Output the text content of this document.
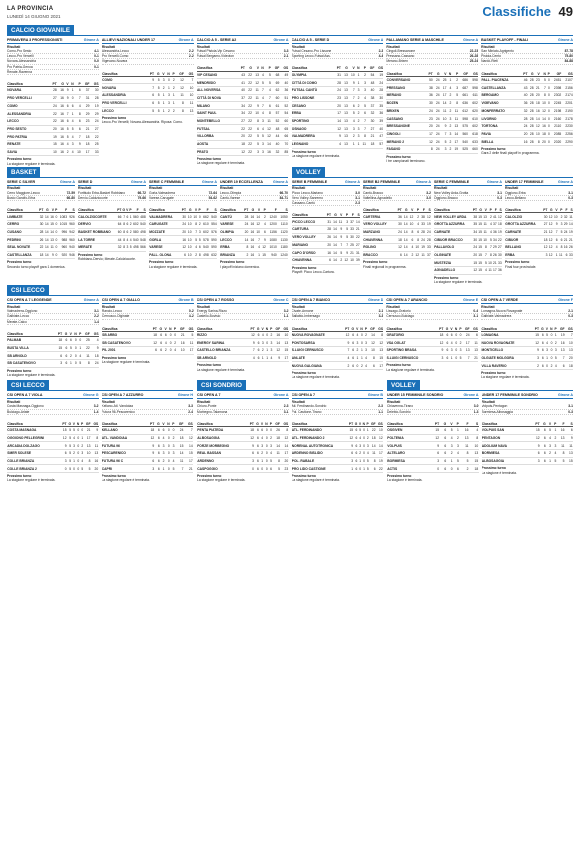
LA PROVINCIA
LUNEDÌ 14 GIUGNO 2021	Classifiche 49
CALCIO GIOVANILE
PRIMAVERA 3 PROFESSIONISTI	Girone A
Risultati
Como-Pro Sesto	4-1
Lecco-Pro Vercelli	0-1
Novara-Alessandria	0-0
Pro Patria-Genoa	0-1
Renate-Ravenna
Classifica	PT	G	V	N	P	GF	GS
NOVARA	28	16	9	1	6	37	30
PRO VERCELLI	27	16	9	0	7	31	28
COMO	24	16	6	6	4	29	19
ALESSANDRIA	22	16	7	1	8	29	29
LECCO	22	16	6	4	6	23	24
PRO SESTO	20	16	5	5	6	21	27
PRO PATRIA	19	16	5	4	7	18	22
RENATE	15	16	4	3	9	18	25
SAVIA	10	16	2	4	10	17	33
Prossimo turno
La stagione regolare è terminata.
ALLIEVI NAZIONALI UNDER 17	Girone A
Risultati
Alessandria-Lecco	2-2
Pro Vercelli-Como	2-2
Vigevano-Novara
Classifica	PT	G	V	N	P	GF	GS
COMO	9	5	3	0	2	12	7
NOVARA	7	5	2	1	2	12	10
ALESSANDRIA	6	5	1	3	1	11	10
PRO VERCELLI	6	5	1	3	1	8	11
LECCO	5	5	1	2	2	8	13
Prossimo turno
Lecco-Pro Vercelli; Novara-Alessandria. Riposa: Como.
CALCIO A 5 - SERIE A2	Girone A
Risultati
Futsal Pistoia-Vip Cesano	3-3
Futsal Bergamo-Videoton	2-1
Classifica	PT	G	V	N	P	GF	GS
VIP CESANO	43	22	13	4	5	68	49
MENDRISIO	41	22	12	5	5	69	40
ALL NOVERSA	40	22	11	7	4	62	36
CITTÀ DI NOVA	37	22	11	4	7	60	51
MILANO	34	22	9	7	6	61	52
SAINT PAUL	34	22	10	4	8	57	54
MONTEBELLO	27	22	8	3	11	52	60
FUTSAL	22	22	6	4	12	48	65
VILLORBA	20	22	5	5	12	44	66
AOSTA	18	22	5	3	14	40	70
PRATO	12	22	3	3	16	32	85
Prossimo turno
La stagione regolare è terminata.
CALCIO A 5 - SERIE D	Girone A
Risultati
Futsal Cesano-Pro Lissone	2-3
Sporting Lecco-Futsal Ass.	4-4
Classifica	PT	G	V	N	P	GF	GS
OLYMPIA	31	13	10	1	2	54	19
CITTÀ DI COMO	28	13	9	1	3	48	24
FUTSAL CANTÙ	24	13	7	3	3	40	28
PRO LISSONE	23	13	7	2	4	38	30
CESANO	20	13	6	2	5	37	35
ERBA	17	13	5	2	6	32	36
SPORTING	14	13	4	2	7	30	39
OSNAGO	12	13	3	3	7	27	40
VALMADRERA	9	13	2	3	8	21	47
LEGNANO	4	13	1	1	11	18	57
Prossimo turno
La stagione regolare è terminata.
PALLAMANO SERIE A MASCHILE	Girone A
Risultati
Cingoli-Bressanone	22-23
Pressano-Cassano	26-28
Merano-Brixen	25-24
Classifica	PT	G	V	N	P	GF	GS
CONVERSANO	50	24	25	1	2	686	598
PRESSANO	38	24	17	4	3	687	598
MERANO	36	24	17	2	5	661	611
BOZEN	30	24	14	2	8	636	602
BRIXEN	24	24	11	2	11	612	620
CASSANO	23	24	10	3	11	598	610
BRESSANONE	20	24	9	2	13	575	602
CINGOLI	17	24	7	3	14	560	618
MERANO 2	12	24	5	2	17	540	633
FASANO	8	24	3	2	19	525	660
Prossimo turno
I tre campionati terminano.
BASKET PLAYOFF - FINALI	Girone A
Risultati
San Miniato-Agrigento	87-78
Pistoia-Cento	75-80
Nardò-Rieti	84-88
Classifica	PT	G	V	N	P	GF	GS
PALL. PIACENZA	46	28	23	5	0	2451	2107
CASTELLANZA	43	28	21	7	0	2398	2156
BERGAMO	40	28	20	8	0	2302	2174
VIGEVANO	36	28	18	10	0	2245	2201
MONFERRATO	32	28	16	12	0	2198	2190
LIVORNO	28	28	14	14	0	2160	2178
TORTONA	24	28	12	16	0	2110	2230
PAVIA	20	28	10	18	0	2085	2256
BIELLA	16	28	8	20	0	2020	2290
Prossimo turno
Gara 2 delle finali playoff in programma.
BASKET
SERIE C SILVER	Girone A
Risultati
Cerro Maggiore-Lecco	72-59
Busto Garolfo-Erba	66-80
Classifica	PT	G	V	P	F	S
LIMBIATE	32	14	16	0	1083	926
CERRO	30	14	15	0	1015	960
CUSANO	28	14	14	0	996	942
PEDRINI	26	14	13	0	988	960
SEAL NOVATE	22	14	11	0	960	940
CASTELLANZA	18	14	9	0	920	946
Prossimo turno
Secondo turno playoff gara 1 domenica.
SERIE D	Girone A
Risultati
Fortitudo Erba-Basket Robbiano	66-72
Dervio-Calolziocorte	79-66
Classifica	PT	G	V	P	F	S
CALOLZIOCORTE	66	7	6	1	560	488
DERVIO	64	8	6	2	602	540
BASKET ROBBIANO	60	8	6	2	580	498
LA TORRE	44	8	4	4	540	548
MERATE	32	8	3	5	498	566
Prossimo turno
Robbiano-Dervio; Merate-Calolziocorte.
SERIE C FEMMINILE	Girone A
Risultati
Gorla-Valmadrera	72-64
Varese-Carugate	54-62
Classifica	PT	G	V	P	F	S
VALMADRERA	30	10	10	0	662	540
CARUGATE	24	10	8	2	610	554
MOZZATE	20	10	7	3	602	576
GORLA	16	10	5	5	578	590
VARESE	12	10	4	6	540	590
PALL. OLONA	6	10	2	8	498	632
Prossimo turno
La stagione regolare è terminata.
UNDER 19 ECCELLENZA	Girone A
Risultati
Lecco-Olimpia	66-70
Cantù-Varese	84-71
Classifica	PT	G	V	P	F	S
CANTÙ	28	16	14	2	1240	1050
VARESE	24	16	12	4	1200	1110
OLIMPIA	20	16	10	6	1156	1120
LECCO	14	16	7	9	1080	1130
ERBA	8	16	4	12	1010	1180
BRIANZA	2	16	1	15	940	1240
Prossimo turno
I playoff iniziano domenica.
VOLLEY
SERIE B FEMMINILE	Girone A
Risultati
Picco Lecco-Mariano	3-0
Vero Volley-Sanremo	3-1
Cassano-Cantù	2-3
Classifica	PT	G	V	P	F	S
PICCO LECCO	31	14	11	3	37	14
CARTURA	28	14	9	5	33	21
VERO VOLLEY	26	14	9	5	30	22
MARIANO	20	14	7	7	25	27
CAPO D'ORSO	16	14	5	9	21	31
CHIAVENNA	6	14	2	12	10	39
Prossimo turno
Playoff: Picco Lecco-Cartura.
SERIE B2 FEMMINILE	Girone A
Risultati
Cantù-Bracco	3-2
Valtellina-Agnadello	3-0
Classifica	PT	G	V	P	F	S
CARTERIA	36	14	12	2	38	12
VERO VOLLEY	30	14	10	4	33	19
MARZANO	24	14	8	6	28	24
CHIAVENNA	18	14	6	8	24	28
ROLINO	12	14	4	10	19	33
BRACCO	6	14	2	12	11	37
Prossimo turno
Finali regionali in programma.
SERIE C FEMMINILE	Girone A
Risultati
New Volley Arda-Grotta	3-1
Oggiono-Bracco	0-3
Classifica	PT	G	V	P	F	S
NEW VOLLEY ARDA	38	15	13	2	41	12
GROTTA AZZURRA	35	15	11	4	37	18
CARNATE	34	15	11	4	36	19
CIBUOR BRACCO	30	15	10	5	34	22
PALLAVOLO	24	15	8	7	29	27
OLGINATE	20	15	7	8	26	30
MUSTEZIA	15	15	5	10	21	33
AGNADELLO	12	15	4	11	17	36
Prossimo turno
La stagione regolare è terminata.
UNDER 17 FEMMINILE	Girone A
Risultati
Oggiono-Erba	3-1
Lecco-Bellano	0-3
Classifica	PT	G	V	P	F	S
CALOLZIO	30	12	10	2	32	11
GROTTA AZZURRA	27	12	9	3	29	14
CARNATE	21	12	7	5	24	19
CIBUOR	18	12	6	6	21	21
BELLANO	12	12	4	8	16	26
ERBA	3	12	1	11	6	33
Prossimo turno
Final four provinciale.
CSI LECCO
CSI OPEN A 7 LEGGENDE	Girone A
Risultati
Valmadrera-Oggiono	3-1
Galbiate-Lecco	2-2
Merate-Calco	1-4
Classifica	PT	G	V	N	P	GF	GS
PALMAB	18	6	6	0	0	25	4
BUSTA VILLA	15	6	5	0	1	22	9
SB ARNOLD	6	6	2	0	4	11	18
SB CASATENOVO	3	6	1	0	5	8	24
Prossimo turno
La stagione regolare è terminata.
CSI OPEN A 7 GIALLO	Girone B
Risultati
Rancio-Lecco	0-2
Cernusco-Olginate	4-2
Classifica	PT	G	V	N	P	GF	GS
SB ARBO	18	6	6	0	0	21	5
SB CASATENOVO	12	6	4	0	2	16	11
PIL 2001	6	6	2	0	4	10	17
Prossimo turno
La stagione regolare è terminata.
CSI OPEN A 7 ROSSO	Girone C
Risultati
Energy Sarina-Rizzo	3-2
Castello-Bovisio	1-1
Classifica	PT	G	V	N	P	GF	GS
RIZZO	12	6	4	0	2	16	10
ENERGY SARINA	9	6	3	0	3	14	13
CASTELLO BRIANZA	7	6	2	1	3	12	15
SB ARNOLD	4	6	1	1	4	9	17
Prossimo turno
La stagione regolare è terminata.
CSI OPEN A 7 BIANCO	Girone D
Risultati
Civate-Annone	2-1
Ballabio-Imbersago	3-3
Classifica	PT	G	V	N	P	GF	GS
NUOVA ROVAGNATE	12	6	4	0	2	14	8
PONTOSARSA	9	6	3	0	3	12	12
S.LUIGI CERNUSCO	7	6	2	1	3	10	13
ANLATE	4	6	1	1	4	8	15
NUOVA GALGIANA	2	6	0	2	4	6	17
Prossimo turno
La stagione regolare è terminata.
CSI OPEN A 7 ARANCIO	Girone E
Risultati
Lissago-Oratorio	0-4
Cernusco-Bulciago	3-1
Classifica	PT	G	V	N	P	GF	GS
ORATORIO	18	6	6	0	0	24	6
VSA OGLAT	12	6	4	0	2	17	11
SPORTING BRASA	9	6	3	0	3	13	13
S.LUIGI CERNUSCO	3	6	1	0	5	7	21
Prossimo turno
La stagione regolare è terminata.
CSI OPEN A 7 VERDE	Girone F
Risultati
Lomagna-Nuova Rovagnate	2-1
Galbiate-Valmadrera	0-3
Classifica	PT	G	V	N	P	GF	GS
LOMAGNA	15	6	5	0	1	19	7
NUOVA ROVAGNATE	12	6	4	0	2	16	10
MONTICELLO	9	6	3	0	3	13	13
OLGIATE MOLGORA	3	6	1	0	5	7	20
VILLA RAVERIO	2	6	0	2	4	6	18
Prossimo turno
La stagione regolare è terminata.
CSI LECCO
CSI OPEN A 7 VIOLA	Girone G
Risultati
Costa Masnaga-Oggiono	3-2
Bulciago-Arlate	1-4
Classifica	PT	G	V	N	P	GF	GS
COSTA MASNAGA	15	5	5	0	0	21	9
OGGIONO PELLEGRINI	12	5	4	0	1	17	8
ARCADIA DOLZAGO	9	5	3	0	2	13	11
SMER SOLESE	6	5	2	0	3	10	13
COLLE BRIANZA	3	5	1	0	4	8	16
COLLE BRIANZA 2	0	5	0	0	5	5	20
Prossimo turno
La stagione regolare è terminata.
CSI OPEN A 7 AZZURRO	Girone H
Risultati
Kellano-Atl. Vandoiaa	3-3
Futura 96-Pescarenico	2-4
Classifica	PT	G	V	N	P	GF	GS
KELLANO	18	6	6	0	0	24	7
ATL. VANDOIAA	12	6	4	0	2	18	12
FUTURA 96	9	6	3	0	3	15	14
PESCARENICO	9	6	3	0	3	14	15
FUTURA 96 C	6	6	2	0	4	11	17
CAPRI	3	6	1	0	5	7	21
Prossimo turno
La stagione regolare è terminata.
CSI SONDRIO
CSI OPEN A 7	Girone A
Risultati
Chiuro-Ponte	2-3
Morbegno-Talamona	3-1
Classifica	PT	G	V	N	P	GF	GS
PENTA PIATEDA	18	6	6	0	0	26	8
ALBOSAGGIA	12	6	4	0	2	18	12
FORZE MORBEGNO	9	6	3	0	3	14	14
REAL BASSAN	6	6	2	0	4	11	17
ARDENNO	3	6	1	0	5	8	20
CASPOGGIO	0	6	0	0	6	5	23
Prossimo turno
La stagione regolare è terminata.
CSI OPEN A 7	Girone B
Risultati
Atl. Ferdinando-Sondrio	2-3
Pol. Castione-Tirano	1-1
Classifica	PT	G	V	N	P	GF	GS
ATL. FERDINANDO	15	6	5	0	1	22	10
ATL. FERDINANDO 2	12	6	4	0	2	18	12
NORENAL AUTOTRONICA	9	6	3	0	3	14	14
ARDENNO BISLIDO	6	6	2	0	4	11	17
POL. RABALE	3	6	1	0	5	8	19
PRO LIDO CASTIONE	1	6	0	1	5	6	22
Prossimo turno
La stagione regolare è terminata.
VOLLEY
UNDER 15 FEMMINILE SONDRIO	Girone A
Risultati
Chiavenna-Tirano	3-0
Delebio-Sondrio	1-3
Classifica	PT	G	V	P	F	S
OSGIVEN	15	6	5	1	16	4
POLTENIA	12	6	4	2	13	8
VOLPUIS	9	6	3	3	11	10
ALTELARO	6	6	2	4	8	13
BORMIESA	3	6	1	5	5	15
ACTIS	0	6	0	6	2	18
Prossimo turno
La stagione è terminata.
UNDER 17 FEMMINILE SONDRIO	Girone A
Risultati
Volpuis-Pentagon	3-1
Bormiesa-Albosaggia	0-3
Classifica	PT	G	V	P	F	S
VOLPUIS SAN	15	6	5	1	16	6
PENTAGON	12	6	4	2	13	9
ADOLIUM NAVA	9	6	3	3	11	11
BORMIESA	6	6	2	4	8	13
ALBOSAGGIA	3	6	1	5	5	15
Prossimo turno
La stagione è terminata.
